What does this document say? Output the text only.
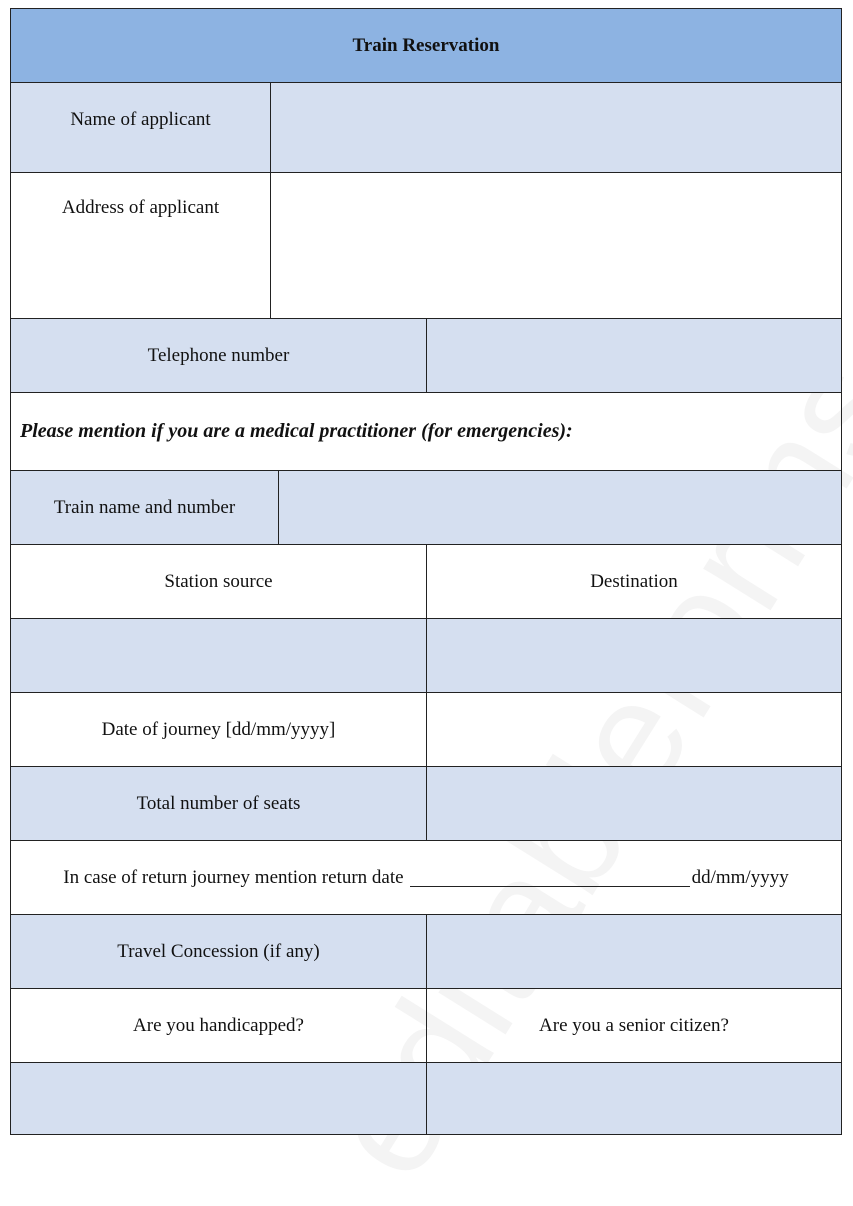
Train Reservation
Name of applicant
Address of applicant
Telephone number
Please mention if you are a medical practitioner (for emergencies):
Train name and number
Station source	Destination
Date of journey [dd/mm/yyyy]
Total number of seats
In case of return journey mention return date	dd/mm/yyyy
Travel Concession (if any)
Are you handicapped?	Are you a senior citizen?
